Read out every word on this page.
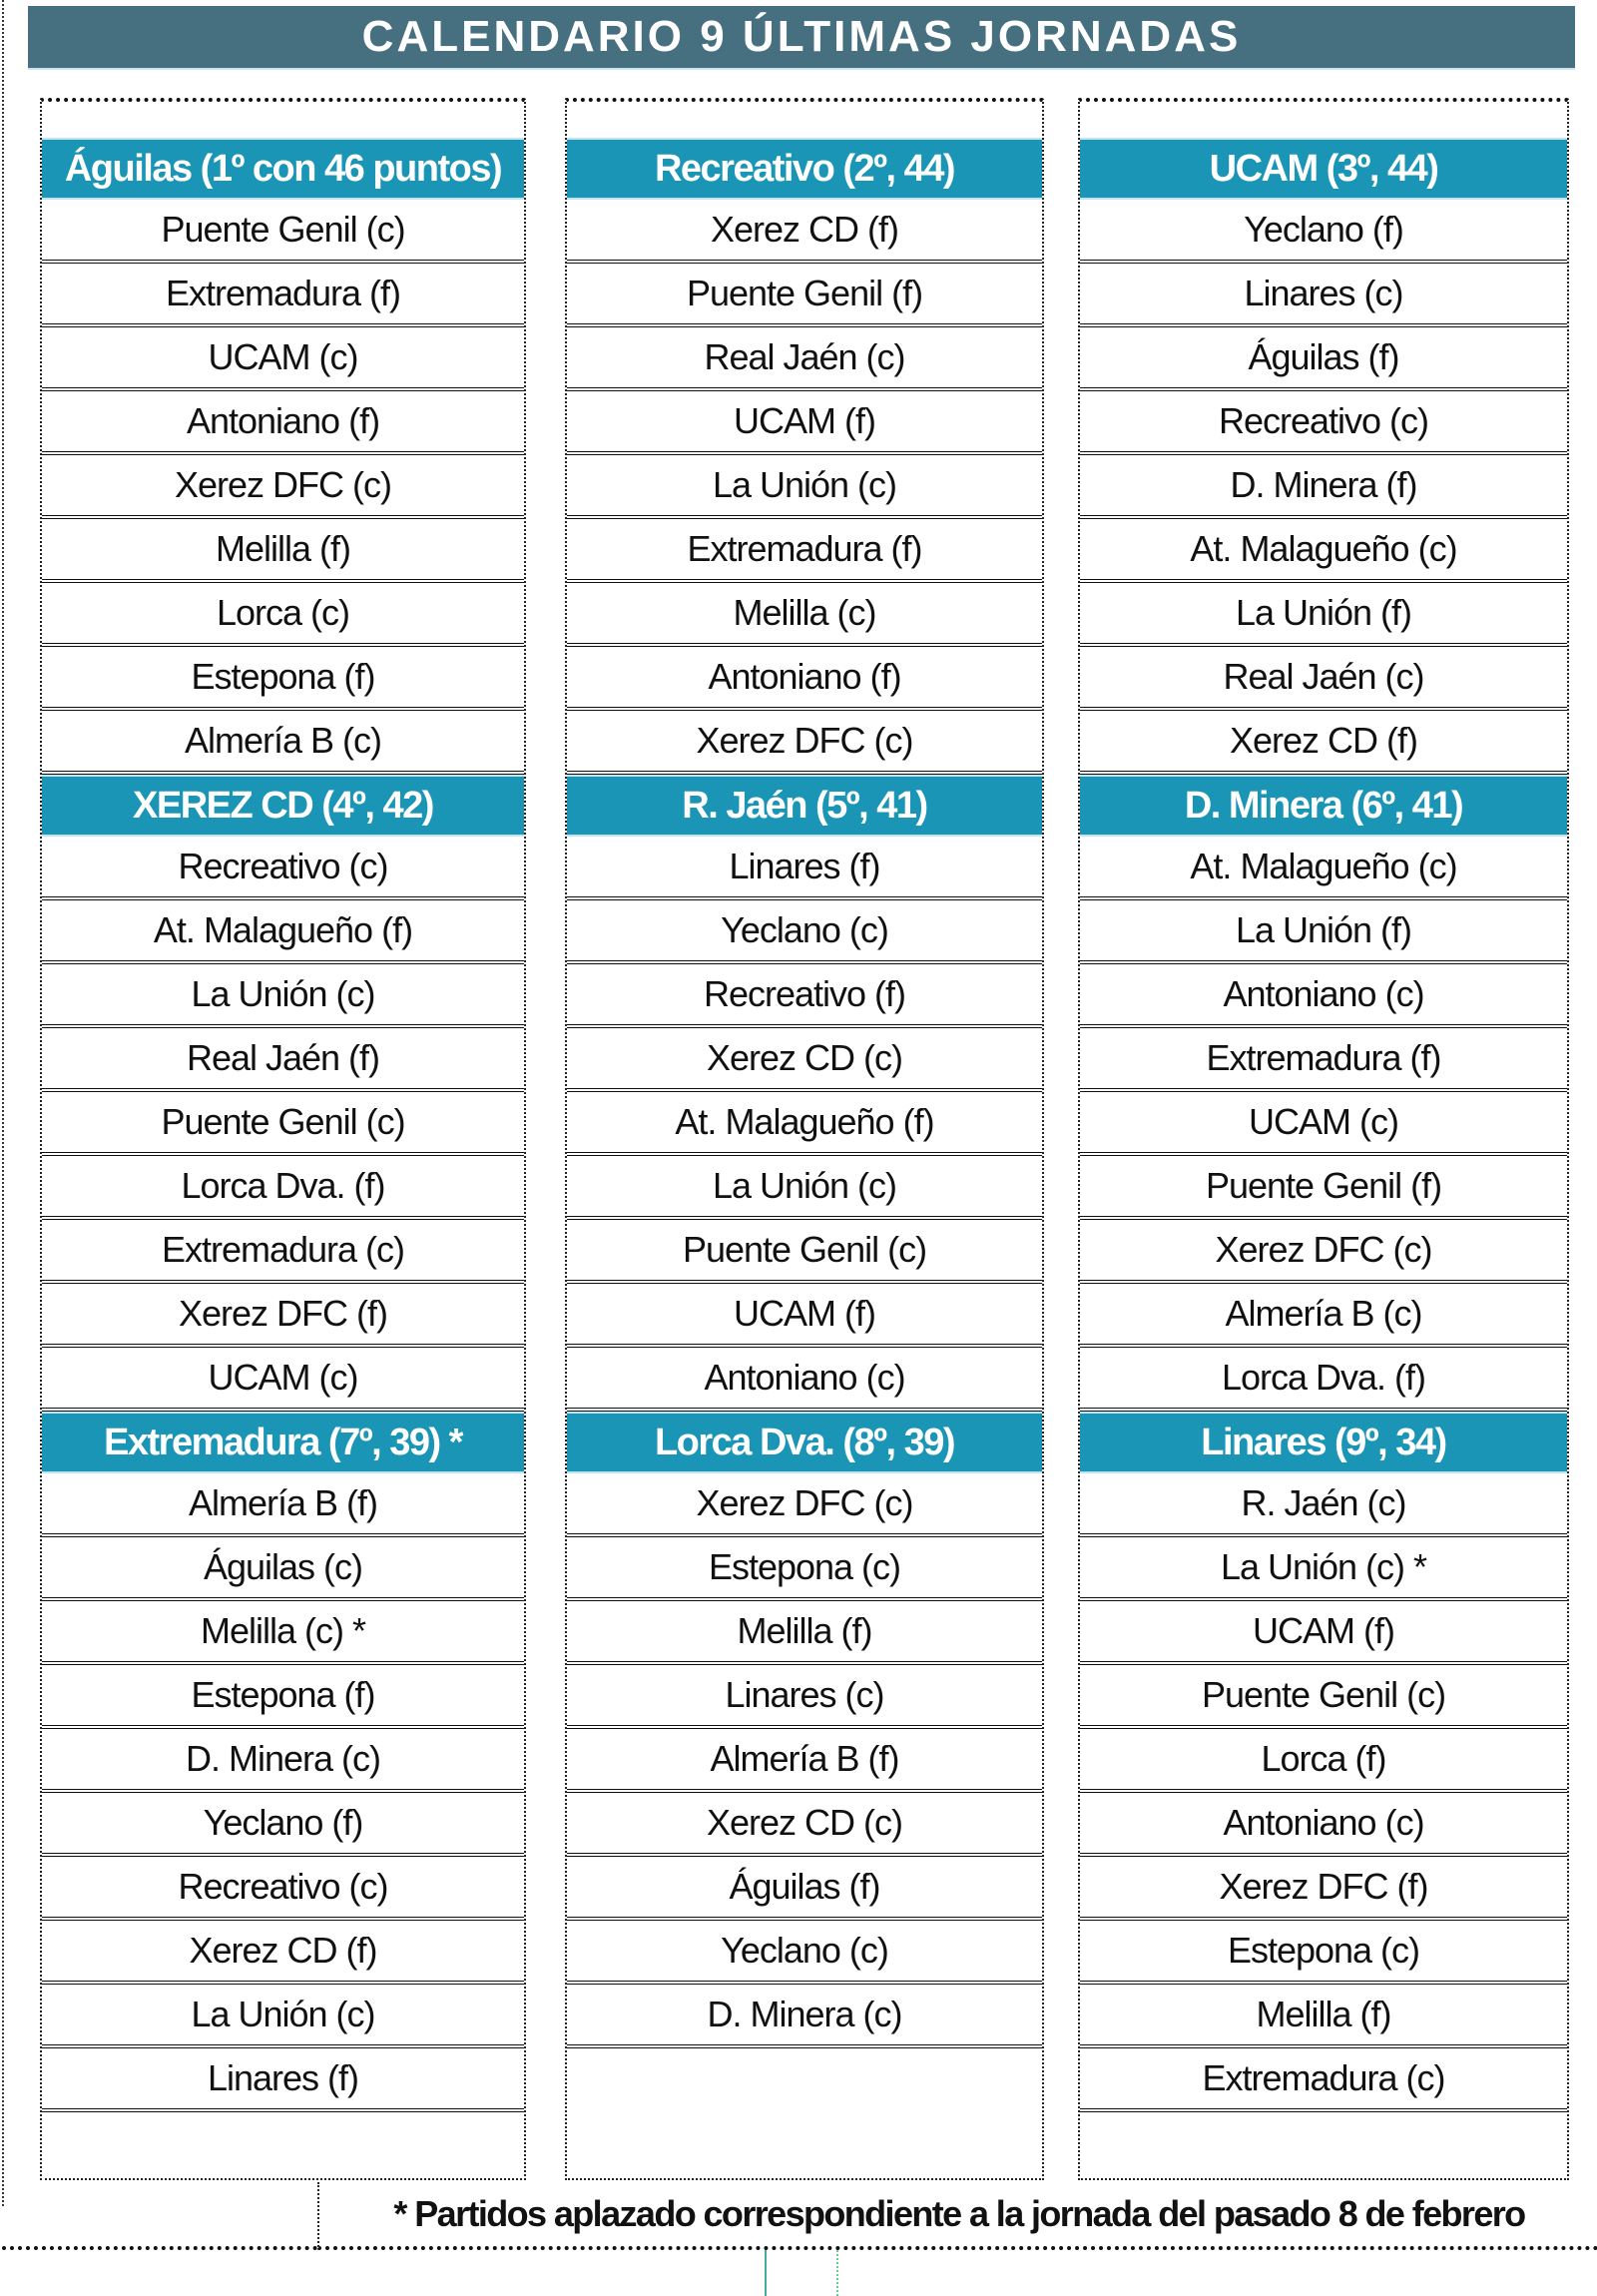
CALENDARIO 9 ÚLTIMAS JORNADAS
Águilas (1º con 46 puntos)
Puente Genil (c)
Extremadura (f)
UCAM (c)
Antoniano (f)
Xerez DFC (c)
Melilla (f)
Lorca (c)
Estepona (f)
Almería B (c)
XEREZ CD (4º, 42)
Recreativo (c)
At. Malagueño (f)
La Unión (c)
Real Jaén (f)
Puente Genil (c)
Lorca Dva. (f)
Extremadura (c)
Xerez DFC (f)
UCAM (c)
Extremadura (7º, 39) *
Almería B (f)
Águilas (c)
Melilla (c) *
Estepona (f)
D. Minera (c)
Yeclano (f)
Recreativo (c)
Xerez CD (f)
La Unión (c)
Linares (f)
Recreativo (2º, 44)
Xerez CD (f)
Puente Genil (f)
Real Jaén (c)
UCAM (f)
La Unión (c)
Extremadura (f)
Melilla (c)
Antoniano (f)
Xerez DFC (c)
R. Jaén (5º, 41)
Linares (f)
Yeclano (c)
Recreativo (f)
Xerez CD (c)
At. Malagueño (f)
La Unión (c)
Puente Genil (c)
UCAM (f)
Antoniano (c)
Lorca Dva. (8º, 39)
Xerez DFC (c)
Estepona (c)
Melilla (f)
Linares (c)
Almería B (f)
Xerez CD (c)
Águilas (f)
Yeclano (c)
D. Minera (c)
UCAM (3º, 44)
Yeclano (f)
Linares (c)
Águilas (f)
Recreativo (c)
D. Minera (f)
At. Malagueño (c)
La Unión (f)
Real Jaén (c)
Xerez CD (f)
D. Minera (6º, 41)
At. Malagueño (c)
La Unión (f)
Antoniano (c)
Extremadura (f)
UCAM (c)
Puente Genil (f)
Xerez DFC (c)
Almería B (c)
Lorca Dva. (f)
Linares (9º, 34)
R. Jaén (c)
La Unión (c) *
UCAM (f)
Puente Genil (c)
Lorca (f)
Antoniano (c)
Xerez DFC (f)
Estepona (c)
Melilla (f)
Extremadura (c)
* Partidos aplazado correspondiente a la jornada del pasado 8 de febrero
